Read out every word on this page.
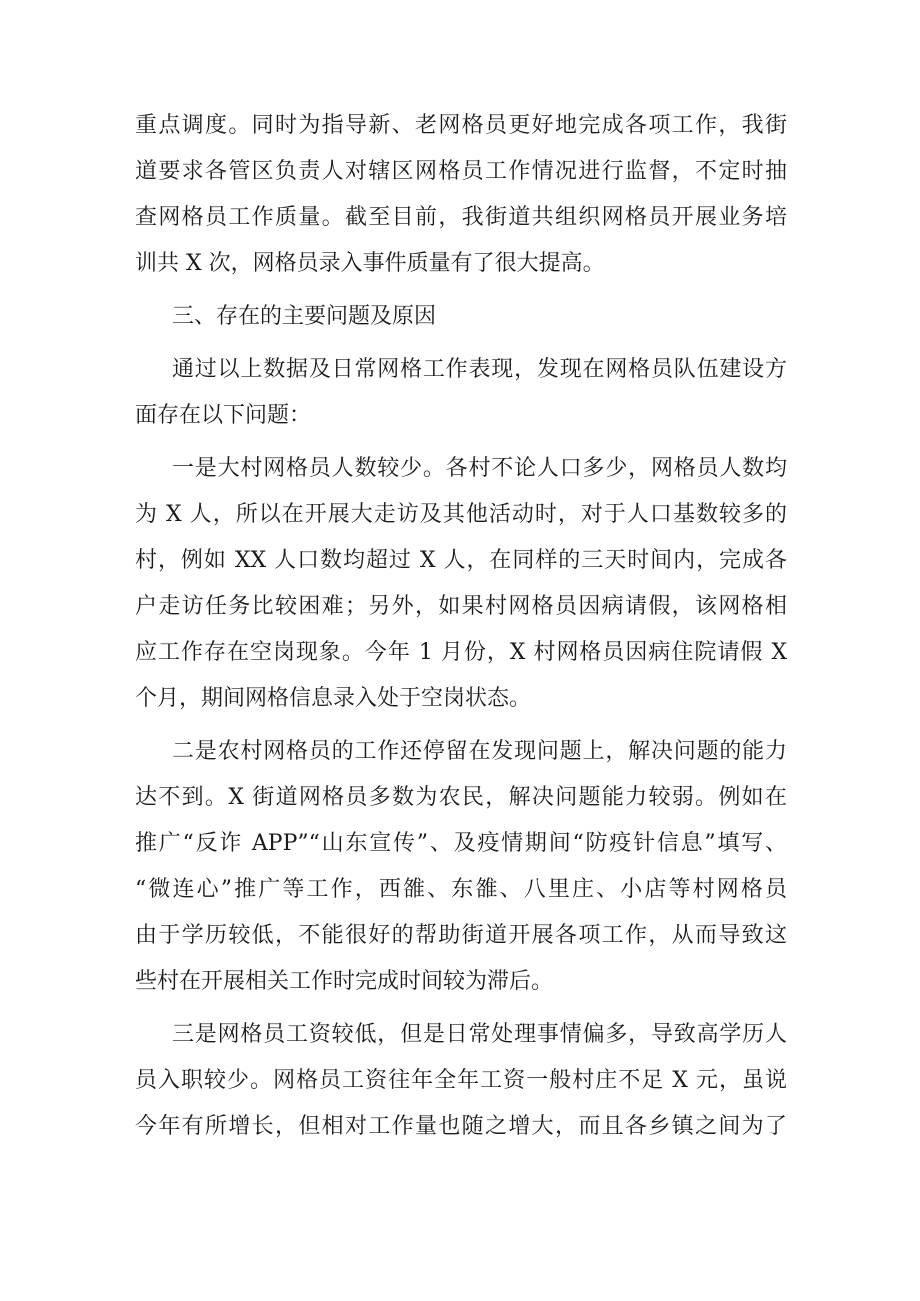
重点调度。同时为指导新、老网格员更好地完成各项工作，我街
道要求各管区负责人对辖区网格员工作情况进行监督，不定时抽
查网格员工作质量。截至目前，我街道共组织网格员开展业务培
训共 X 次，网格员录入事件质量有了很大提高。
三、存在的主要问题及原因
通过以上数据及日常网格工作表现，发现在网格员队伍建设方
面存在以下问题：
一是大村网格员人数较少。各村不论人口多少，网格员人数均
为 X 人，所以在开展大走访及其他活动时，对于人口基数较多的
村，例如 XX 人口数均超过 X 人，在同样的三天时间内，完成各
户走访任务比较困难；另外，如果村网格员因病请假，该网格相
应工作存在空岗现象。今年 1 月份，X 村网格员因病住院请假 X
个月，期间网格信息录入处于空岗状态。
二是农村网格员的工作还停留在发现问题上，解决问题的能力
达不到。X 街道网格员多数为农民，解决问题能力较弱。例如在
推广“反诈 APP”“山东宣传”、及疫情期间“防疫针信息”填写、
“微连心”推广等工作，西雒、东雒、八里庄、小店等村网格员
由于学历较低，不能很好的帮助街道开展各项工作，从而导致这
些村在开展相关工作时完成时间较为滞后。
三是网格员工资较低，但是日常处理事情偏多，导致高学历人
员入职较少。网格员工资往年全年工资一般村庄不足 X 元，虽说
今年有所增长，但相对工作量也随之增大，而且各乡镇之间为了
